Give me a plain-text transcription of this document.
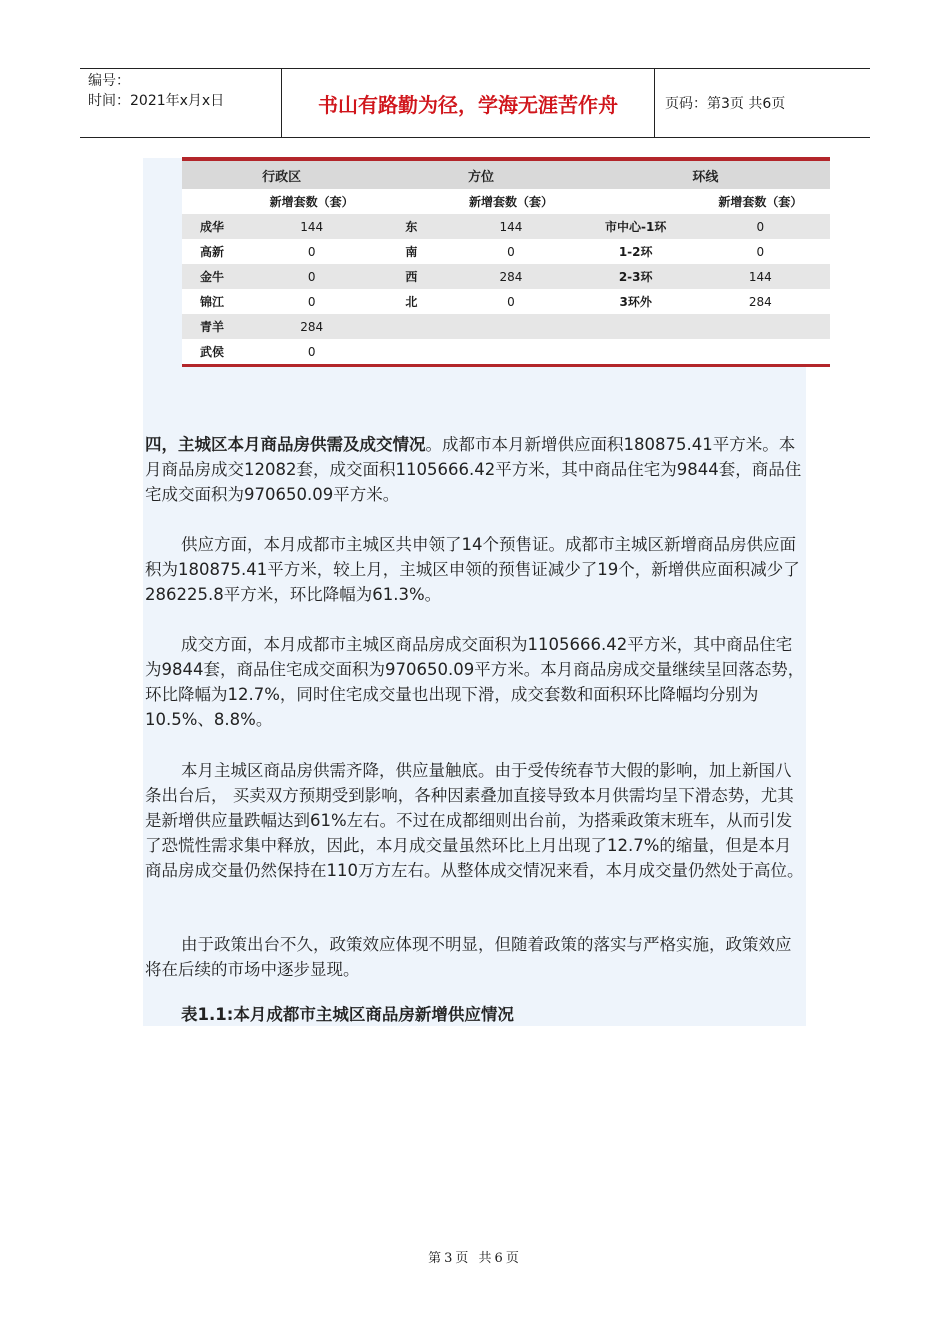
编号：
时间：2021年x月x日	书山有路勤为径，学海无涯苦作舟	页码：第3页 共6页

行政区		方位		环线	
	新增套数（套）		新增套数（套）		新增套数（套）
成华	144	东	144	市中心-1环	0
高新	0	南	0	1-2环	0
金牛	0	西	284	2-3环	144
锦江	0	北	0	3环外	284
青羊	284				
武侯	0				

四，主城区本月商品房供需及成交情况。成都市本月新增供应面积180875.41平方米。本月商品房成交12082套，成交面积1105666.42平方米，其中商品住宅为9844套，商品住宅成交面积为970650.09平方米。

供应方面，本月成都市主城区共申领了14个预售证。成都市主城区新增商品房供应面积为180875.41平方米，较上月，主城区申领的预售证减少了19个，新增供应面积减少了286225.8平方米，环比降幅为61.3%。

成交方面，本月成都市主城区商品房成交面积为1105666.42平方米，其中商品住宅为9844套，商品住宅成交面积为970650.09平方米。本月商品房成交量继续呈回落态势，环比降幅为12.7%，同时住宅成交量也出现下滑，成交套数和面积环比降幅均分别为10.5%、8.8%。

本月主城区商品房供需齐降，供应量触底。由于受传统春节大假的影响，加上新国八条出台后， 买卖双方预期受到影响，各种因素叠加直接导致本月供需均呈下滑态势，尤其是新增供应量跌幅达到61%左右。不过在成都细则出台前，为搭乘政策末班车，从而引发了恐慌性需求集中释放，因此，本月成交量虽然环比上月出现了12.7%的缩量，但是本月商品房成交量仍然保持在110万方左右。从整体成交情况来看，本月成交量仍然处于高位。

由于政策出台不久，政策效应体现不明显，但随着政策的落实与严格实施，政策效应将在后续的市场中逐步显现。

表1.1:本月成都市主城区商品房新增供应情况

第3页 共6页
